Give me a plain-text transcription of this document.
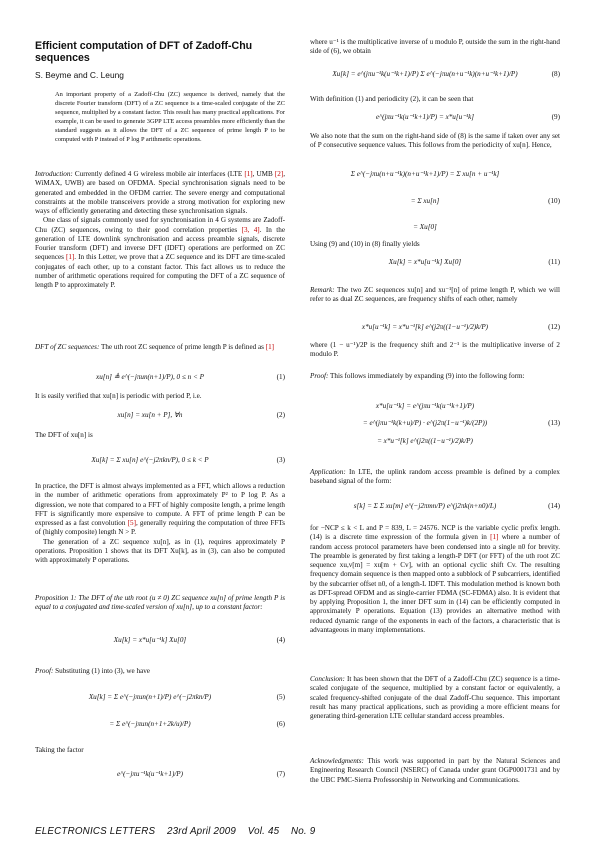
Efficient computation of DFT of Zadoff-Chu sequences
S. Beyme and C. Leung
An important property of a Zadoff-Chu (ZC) sequence is derived, namely that the discrete Fourier transform (DFT) of a ZC sequence is a time-scaled conjugate of the ZC sequence, multiplied by a constant factor. This result has many practical applications. For example, it can be used to generate 3GPP LTE access preambles more efficiently than the standard suggests as it allows the DFT of a ZC sequence of prime length P to be computed with P instead of P log P arithmetic operations.

Introduction: Currently defined 4 G wireless mobile air interfaces (LTE [1], UMB [2], WiMAX, UWB) are based on OFDMA. Special synchronisation signals need to be generated and embedded in the OFDM carrier. The severe energy and computational constraints at the mobile transceivers provide a strong motivation for exploring new ways of efficiently generating and detecting these synchronisation signals.

One class of signals commonly used for synchronisation in 4 G systems are Zadoff-Chu (ZC) sequences, owing to their good correlation properties [3, 4]. In the generation of LTE downlink synchronisation and access preamble signals, discrete Fourier transform (DFT) and inverse DFT (IDFT) operations are performed on ZC sequences [1]. In this Letter, we prove that a ZC sequence and its DFT are time-scaled conjugates of each other, up to a constant factor. This fact allows us to reduce the number of arithmetic operations required for computing the DFT of a ZC sequence of length P to approximately P.

DFT of ZC sequences: The uth root ZC sequence of prime length P is defined as [1]

xu[n] ≜ e^(−jπun(n+1)/P), 0 ≤ n < P	(1)

It is easily verified that xu[n] is periodic with period P, i.e.

xu[n] = xu[n + P], ∀n	(2)

The DFT of xu[n] is

Xu[k] = Σ xu[n] e^(−j2πkn/P), 0 ≤ k < P	(3)

In practice, the DFT is almost always implemented as a FFT, which allows a reduction in the number of arithmetic operations from approximately P² to P log P. As a digression, we note that compared to a FFT of highly composite length, a prime length FFT is significantly more expensive to compute. A FFT of prime length P can be expressed as a fast convolution [5], generally requiring the computation of three FFTs of (highly composite) length N > P.

The generation of a ZC sequence xu[n], as in (1), requires approximately P operations. Proposition 1 shows that its DFT Xu[k], as in (3), can also be computed with approximately P operations.

Proposition 1: The DFT of the uth root (u ≠ 0) ZC sequence xu[n] of prime length P is equal to a conjugated and time-scaled version of xu[n], up to a constant factor:

Xu[k] = x*u[u⁻¹k] Xu[0]	(4)

Proof: Substituting (1) into (3), we have

Xu[k] = Σ e^(−jπun(n+1)/P) e^(−j2πkn/P)	(5)
= Σ e^(−jπun(n+1+2k/u)/P)	(6)

Taking the factor

e^(−jπu⁻¹k(u⁻¹k+1)/P)	(7)

where u⁻¹ is the multiplicative inverse of u modulo P, outside the sum in the right-hand side of (6), we obtain

Xu[k] = e^(jπu⁻¹k(u⁻¹k+1)/P) Σ e^(−jπu(n+u⁻¹k)(n+u⁻¹k+1)/P)	(8)

With definition (1) and periodicity (2), it can be seen that

e^(jπu⁻¹k(u⁻¹k+1)/P) = x*u[u⁻¹k]	(9)

We also note that the sum on the right-hand side of (8) is the same if taken over any set of P consecutive sequence values. This follows from the periodicity of xu[n]. Hence,

Σ e^(−jπu(n+u⁻¹k)(n+u⁻¹k+1)/P) = Σ xu[n + u⁻¹k]
= Σ xu[n]	(10)
= Xu[0]

Using (9) and (10) in (8) finally yields

Xu[k] = x*u[u⁻¹k] Xu[0]	(11)

Remark: The two ZC sequences xu[n] and xu⁻¹[n] of prime length P, which we will refer to as dual ZC sequences, are frequency shifts of each other, namely

x*u[u⁻¹k] = x*u⁻¹[k] e^(j2π((1−u⁻¹)/2)k/P)	(12)

where (1 − u⁻¹)/2P is the frequency shift and 2⁻¹ is the multiplicative inverse of 2 modulo P.

Proof: This follows immediately by expanding (9) into the following form:

x*u[u⁻¹k] = e^(jπu⁻¹k(u⁻¹k+1)/P)
= e^(jπu⁻¹k(k+u)/P) · e^(j2π(1−u⁻¹)k/(2P))	(13)
= x*u⁻¹[k] e^(j2π((1−u⁻¹)/2)k/P)

Application: In LTE, the uplink random access preamble is defined by a complex baseband signal of the form:

s[k] = Σ Σ xu[m] e^(−j2πmn/P) e^(j2πk(n+n0)/L)	(14)

for −NCP ≤ k < L and P = 839, L = 24576. NCP is the variable cyclic prefix length. (14) is a discrete time expression of the formula given in [1] where a number of random access protocol parameters have been condensed into a single n0 for brevity. The preamble is generated by first taking a length-P DFT (or FFT) of the uth root ZC sequence xu,v[m] = xu[m + Cv], with an optional cyclic shift Cv. The resulting frequency domain sequence is then mapped onto a subblock of P subcarriers, identified by the subcarrier offset n0, of a length-L IDFT. This modulation method is known both as DFT-spread OFDM and as single-carrier FDMA (SC-FDMA) also. It is evident that by applying Proposition 1, the inner DFT sum in (14) can be efficiently computed in approximately P operations. Equation (13) provides an alternative method with reduced dynamic range of the exponents in each of the factors, a characteristic that is advantageous in many implementations.

Conclusion: It has been shown that the DFT of a Zadoff-Chu (ZC) sequence is a time-scaled conjugate of the sequence, multiplied by a constant factor or equivalently, a scaled frequency-shifted conjugate of the dual Zadoff-Chu sequence. This important result has many practical applications, such as providing a more efficient means for generating third-generation LTE cellular standard access preambles.

Acknowledgments: This work was supported in part by the Natural Sciences and Engineering Research Council (NSERC) of Canada under grant OGP0001731 and by the UBC PMC-Sierra Professorship in Networking and Communications.

ELECTRONICS LETTERS    23rd April 2009    Vol. 45    No. 9
